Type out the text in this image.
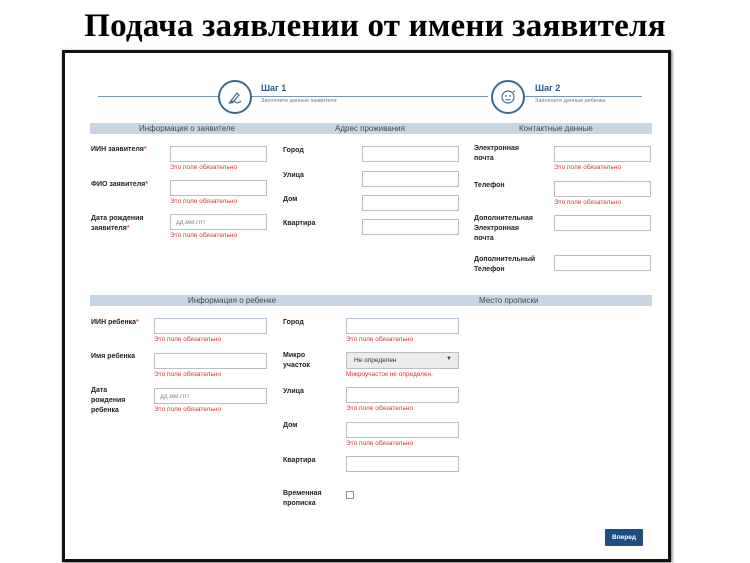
Подача заявлении от имени заявителя
Шаг 1
Заполните данные заявителя
Шаг 2
Заполните данные ребенка
Информация о заявителе	Адрес проживания	Контактные данные
ИИН заявителя*
Это поле обязательно
ФИО заявителя*
Это поле обязательно
Дата рождения
заявителя*
дд.мм.гггг
Это поле обязательно
Город
Улица
Дом
Квартира
Электронная
почта
Это поле обязательно
Телефон
Это поле обязательно
Дополнительная
Электронная
почта
Дополнительный
Телефон
Информация о ребенке	Место прописки
ИИН ребенка*
Это поле обязательно
Имя ребенка
Это поле обязательно
Дата
рождения
ребенка
дд.мм.гггг	Это поле обязательно
Город
Это поле обязательно
Микро
участок
Не определен	▼
Микроучасток не определен.
Улица
Это поле обязательно
Дом
Это поле обязательно
Квартира
Временная
прописка
Вперед
